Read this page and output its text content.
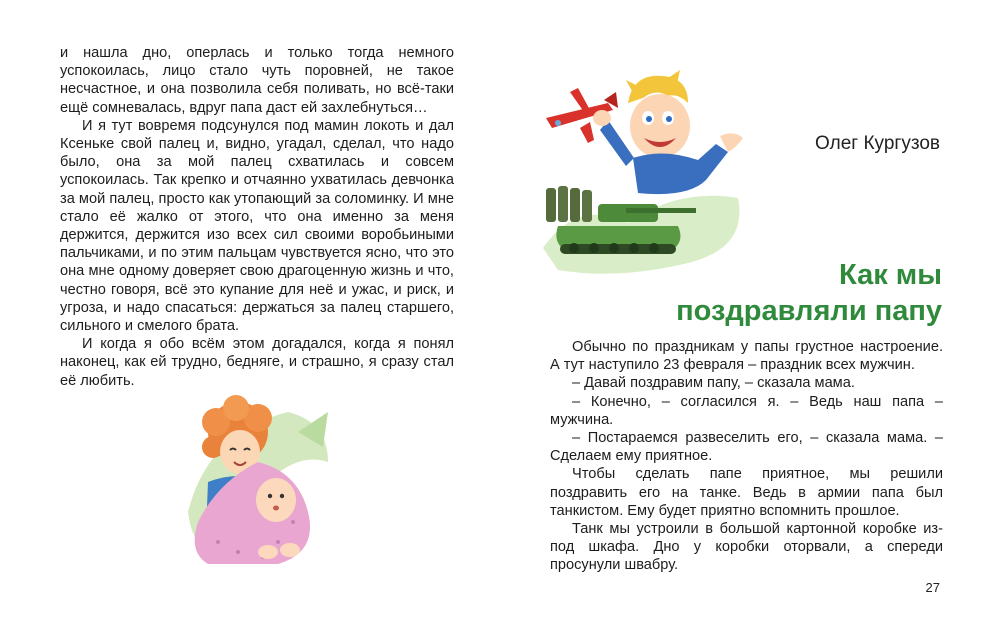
и нашла дно, оперлась и только тогда немного успокоилась, лицо стало чуть поровней, не такое несчастное, и она позволила себя поливать, но всё-таки ещё сомневалась, вдруг папа даст ей захлебнуться…

И я тут вовремя подсунулся под мамин локоть и дал Ксеньке свой палец и, видно, угадал, сделал, что надо было, она за мой палец схватилась и совсем успокоилась. Так крепко и отчаянно ухватилась девчонка за мой палец, просто как утопающий за соломинку. И мне стало её жалко от этого, что она именно за меня держится, держится изо всех сил своими воробьиными пальчиками, и по этим пальцам чувствуется ясно, что это она мне одному доверяет свою драгоценную жизнь и что, честно говоря, всё это купание для неё и ужас, и риск, и угроза, и надо спасаться: держаться за палец старшего, сильного и смелого брата.

И когда я обо всём этом догадался, когда я понял наконец, как ей трудно, бедняге, и страшно, я сразу стал её любить.

Олег Кургузов
Как мы
поздравляли папу

Обычно по праздникам у папы грустное настроение. А тут наступило 23 февраля – праздник всех мужчин.

– Давай поздравим папу, – сказала мама.

– Конечно, – согласился я. – Ведь наш папа – мужчина.

– Постараемся развеселить его, – сказала мама. – Сделаем ему приятное.

Чтобы сделать папе приятное, мы решили поздравить его на танке. Ведь в армии папа был танкистом. Ему будет приятно вспомнить прошлое.

Танк мы устроили в большой картонной коробке из-под шкафа. Дно у коробки оторвали, а спереди просунули швабру.

27
